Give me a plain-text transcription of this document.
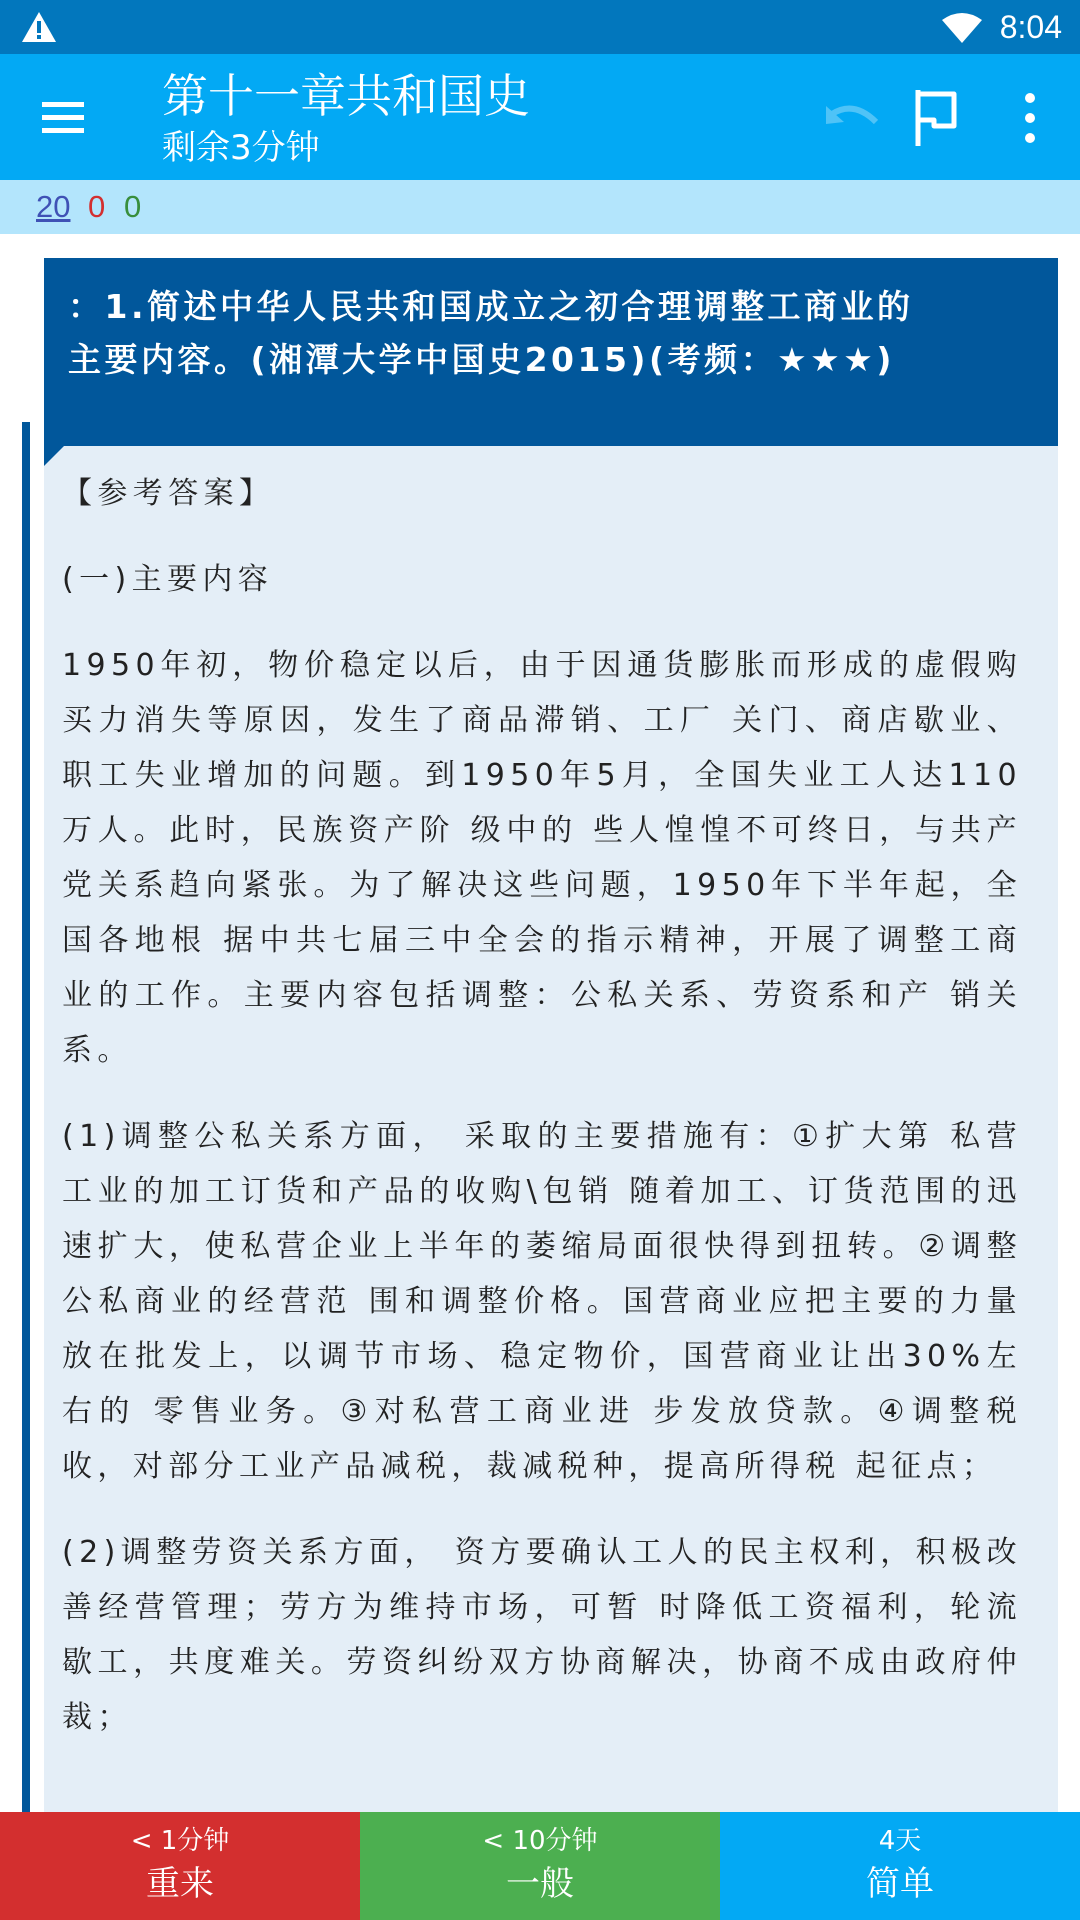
8:04
第十一章共和国史
剩余3分钟
20 0 0
：1.简述中华人民共和国成立之初合理调整工商业的
主要内容。(湘潭大学中国史2015)(考频：★★★)

【参考答案】

(一)主要内容

1950年初，物价稳定以后，由于因通货膨胀而形成的虚假购买力消失等原因，发生了商品滞销、工厂 关门、商店歇业、职工失业增加的问题。到1950年5月，全国失业工人达110万人。此时，民族资产阶 级中的 些人惶惶不可终日，与共产党关系趋向紧张。为了解决这些问题，1950年下半年起，全国各地根 据中共七届三中全会的指示精神，开展了调整工商业的工作。主要内容包括调整：公私关系、劳资系和产 销关系。

(1)调整公私关系方面， 采取的主要措施有：①扩大第 私营工业的加工订货和产品的收购\包销 随着加工、订货范围的迅速扩大，使私营企业上半年的萎缩局面很快得到扭转。②调整公私商业的经营范 围和调整价格。国营商业应把主要的力量放在批发上，以调节市场、稳定物价，国营商业让出30%左右的 零售业务。③对私营工商业进 步发放贷款。④调整税收，对部分工业产品减税，裁减税种，提高所得税 起征点；

(2)调整劳资关系方面， 资方要确认工人的民主权利，积极改善经营管理；劳方为维持市场，可暂 时降低工资福利，轮流歇工，共度难关。劳资纠纷双方协商解决，协商不成由政府仲裁；

< 1分钟
重来
< 10分钟
一般
4天
简单
